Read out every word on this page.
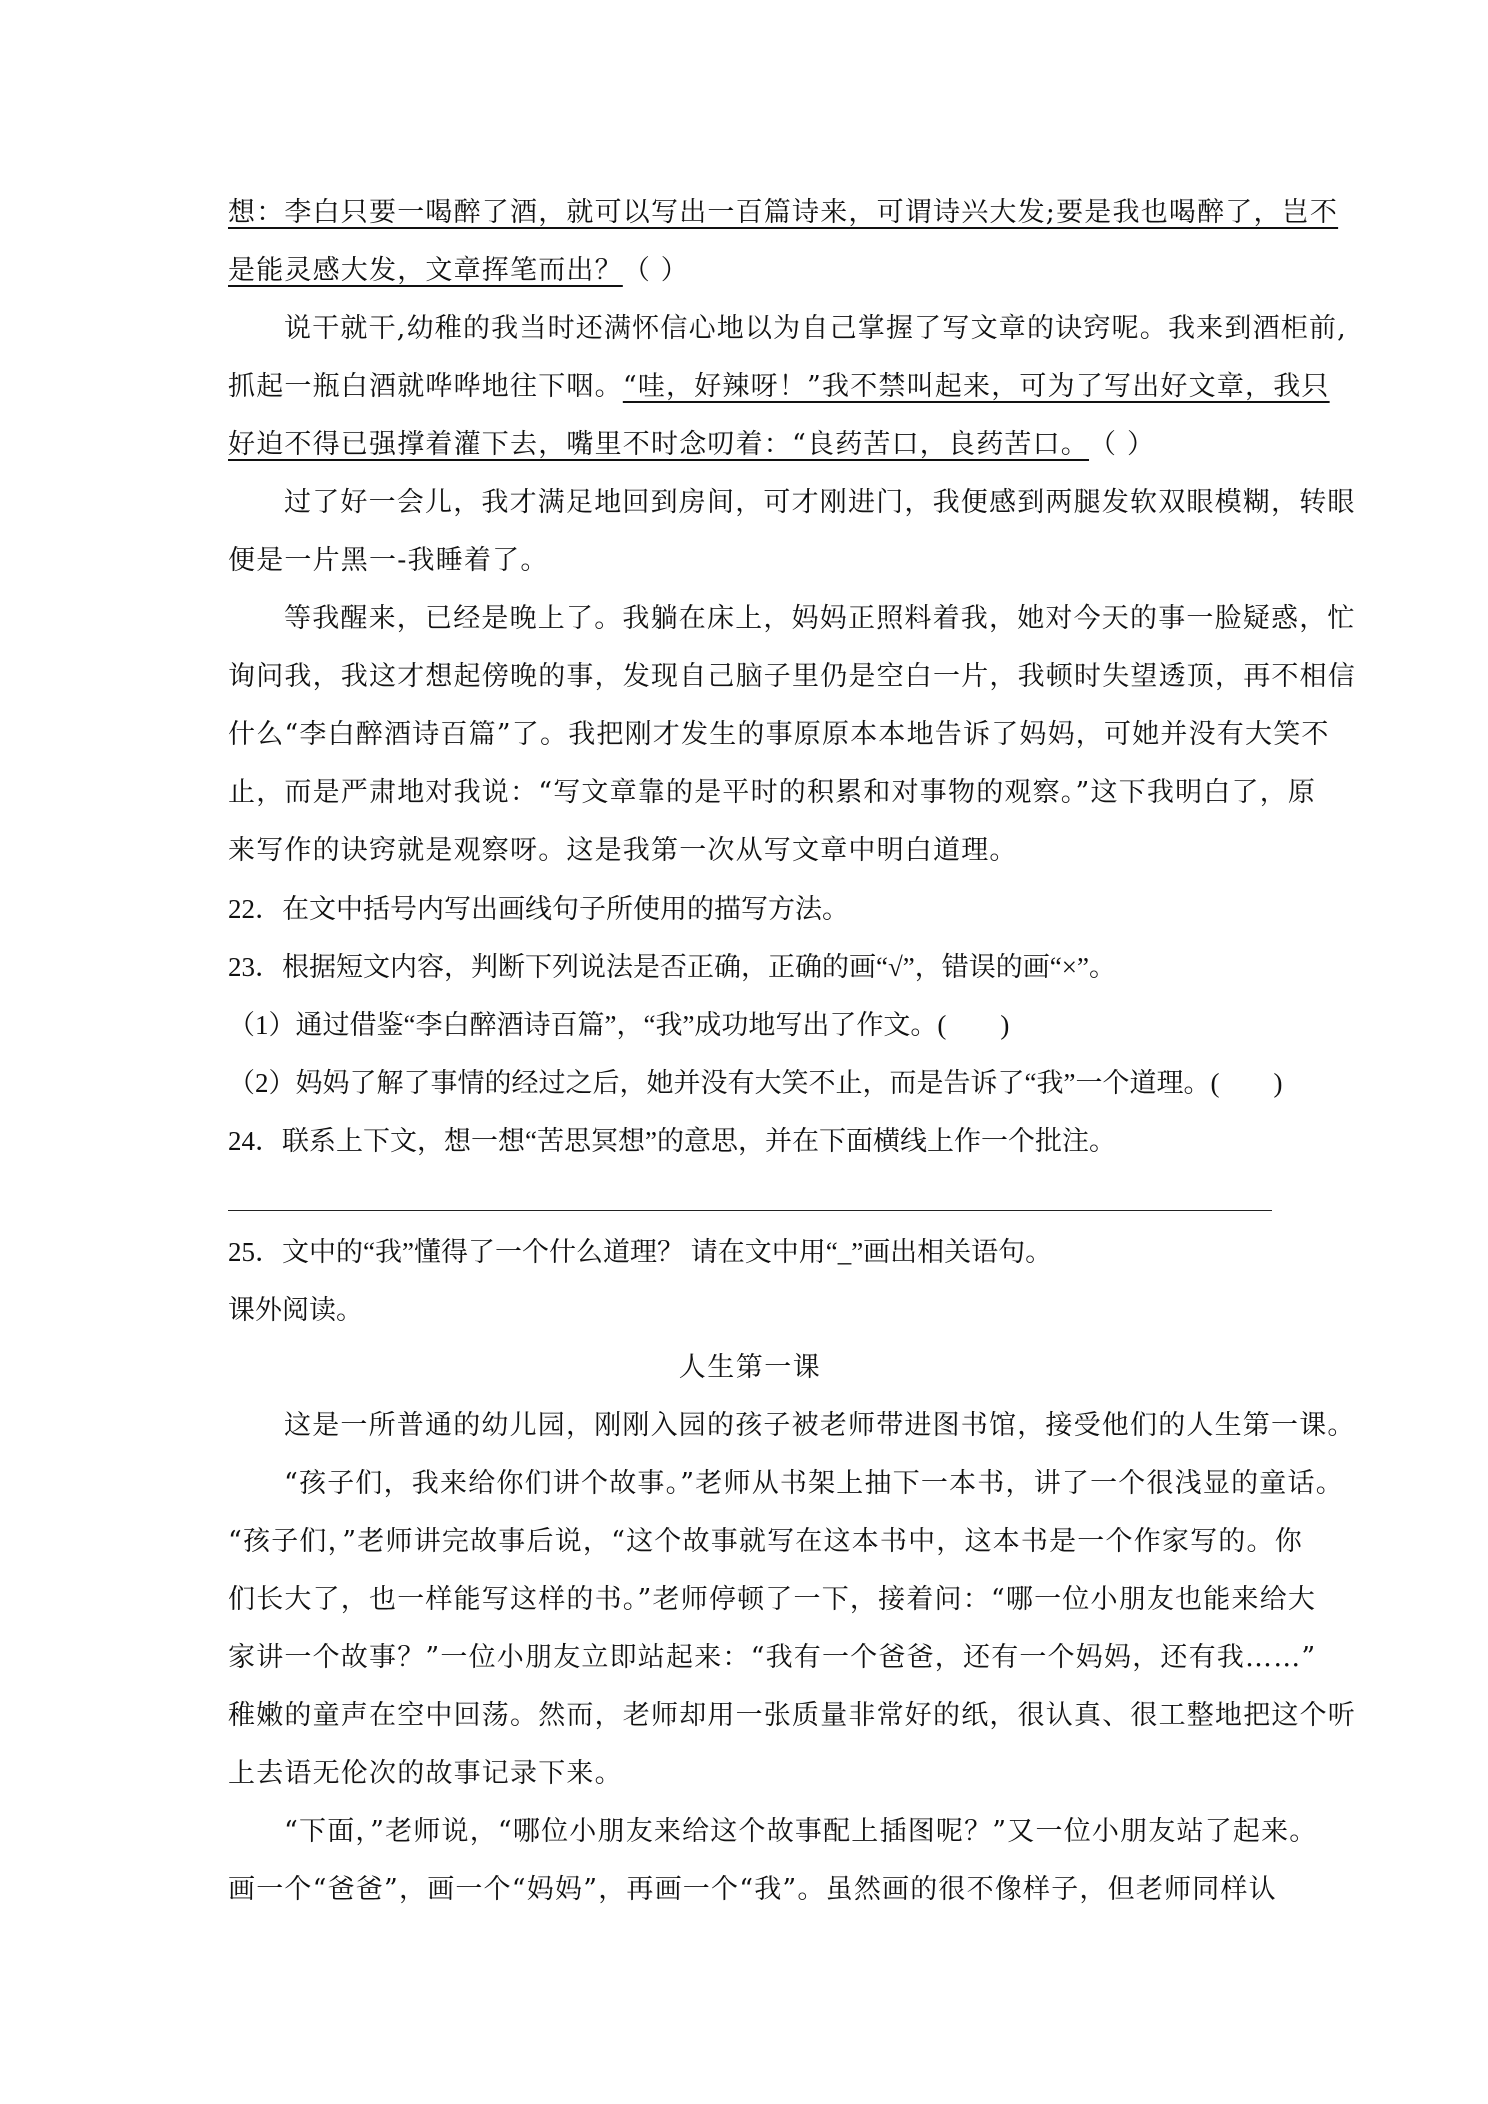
想：李白只要一喝醉了酒，就可以写出一百篇诗来，可谓诗兴大发;要是我也喝醉了，岂不
是能灵感大发，文章挥笔而出？（ ）
说干就干,幼稚的我当时还满怀信心地以为自己掌握了写文章的诀窍呢。我来到酒柜前,
抓起一瓶白酒就哗哗地往下咽。“哇，好辣呀！”我不禁叫起来，可为了写出好文章，我只
好迫不得已强撑着灌下去，嘴里不时念叨着：“良药苦口，良药苦口。（ ）
过了好一会儿，我才满足地回到房间，可才刚进门，我便感到两腿发软双眼模糊，转眼
便是一片黑一-我睡着了。
等我醒来，已经是晚上了。我躺在床上，妈妈正照料着我，她对今天的事一脸疑惑，忙
询问我，我这才想起傍晚的事，发现自己脑子里仍是空白一片，我顿时失望透顶，再不相信
什么“李白醉酒诗百篇”了。我把刚才发生的事原原本本地告诉了妈妈，可她并没有大笑不
止，而是严肃地对我说：“写文章靠的是平时的积累和对事物的观察。”这下我明白了，原
来写作的诀窍就是观察呀。这是我第一次从写文章中明白道理。
22．在文中括号内写出画线句子所使用的描写方法。
23．根据短文内容，判断下列说法是否正确，正确的画“√”，错误的画“×”。
（1）通过借鉴“李白醉酒诗百篇”，“我”成功地写出了作文。(　　)
（2）妈妈了解了事情的经过之后，她并没有大笑不止，而是告诉了“我”一个道理。(　　)
24．联系上下文，想一想“苦思冥想”的意思，并在下面横线上作一个批注。
25．文中的“我”懂得了一个什么道理？ 请在文中用“_”画出相关语句。
课外阅读。
人生第一课
这是一所普通的幼儿园，刚刚入园的孩子被老师带进图书馆，接受他们的人生第一课。
“孩子们，我来给你们讲个故事。”老师从书架上抽下一本书，讲了一个很浅显的童话。
“孩子们，”老师讲完故事后说，“这个故事就写在这本书中，这本书是一个作家写的。你
们长大了，也一样能写这样的书。”老师停顿了一下，接着问：“哪一位小朋友也能来给大
家讲一个故事？”一位小朋友立即站起来：“我有一个爸爸，还有一个妈妈，还有我……”
稚嫩的童声在空中回荡。然而，老师却用一张质量非常好的纸，很认真、很工整地把这个听
上去语无伦次的故事记录下来。
“下面，”老师说，“哪位小朋友来给这个故事配上插图呢？”又一位小朋友站了起来。
画一个“爸爸”，画一个“妈妈”，再画一个“我”。虽然画的很不像样子，但老师同样认
